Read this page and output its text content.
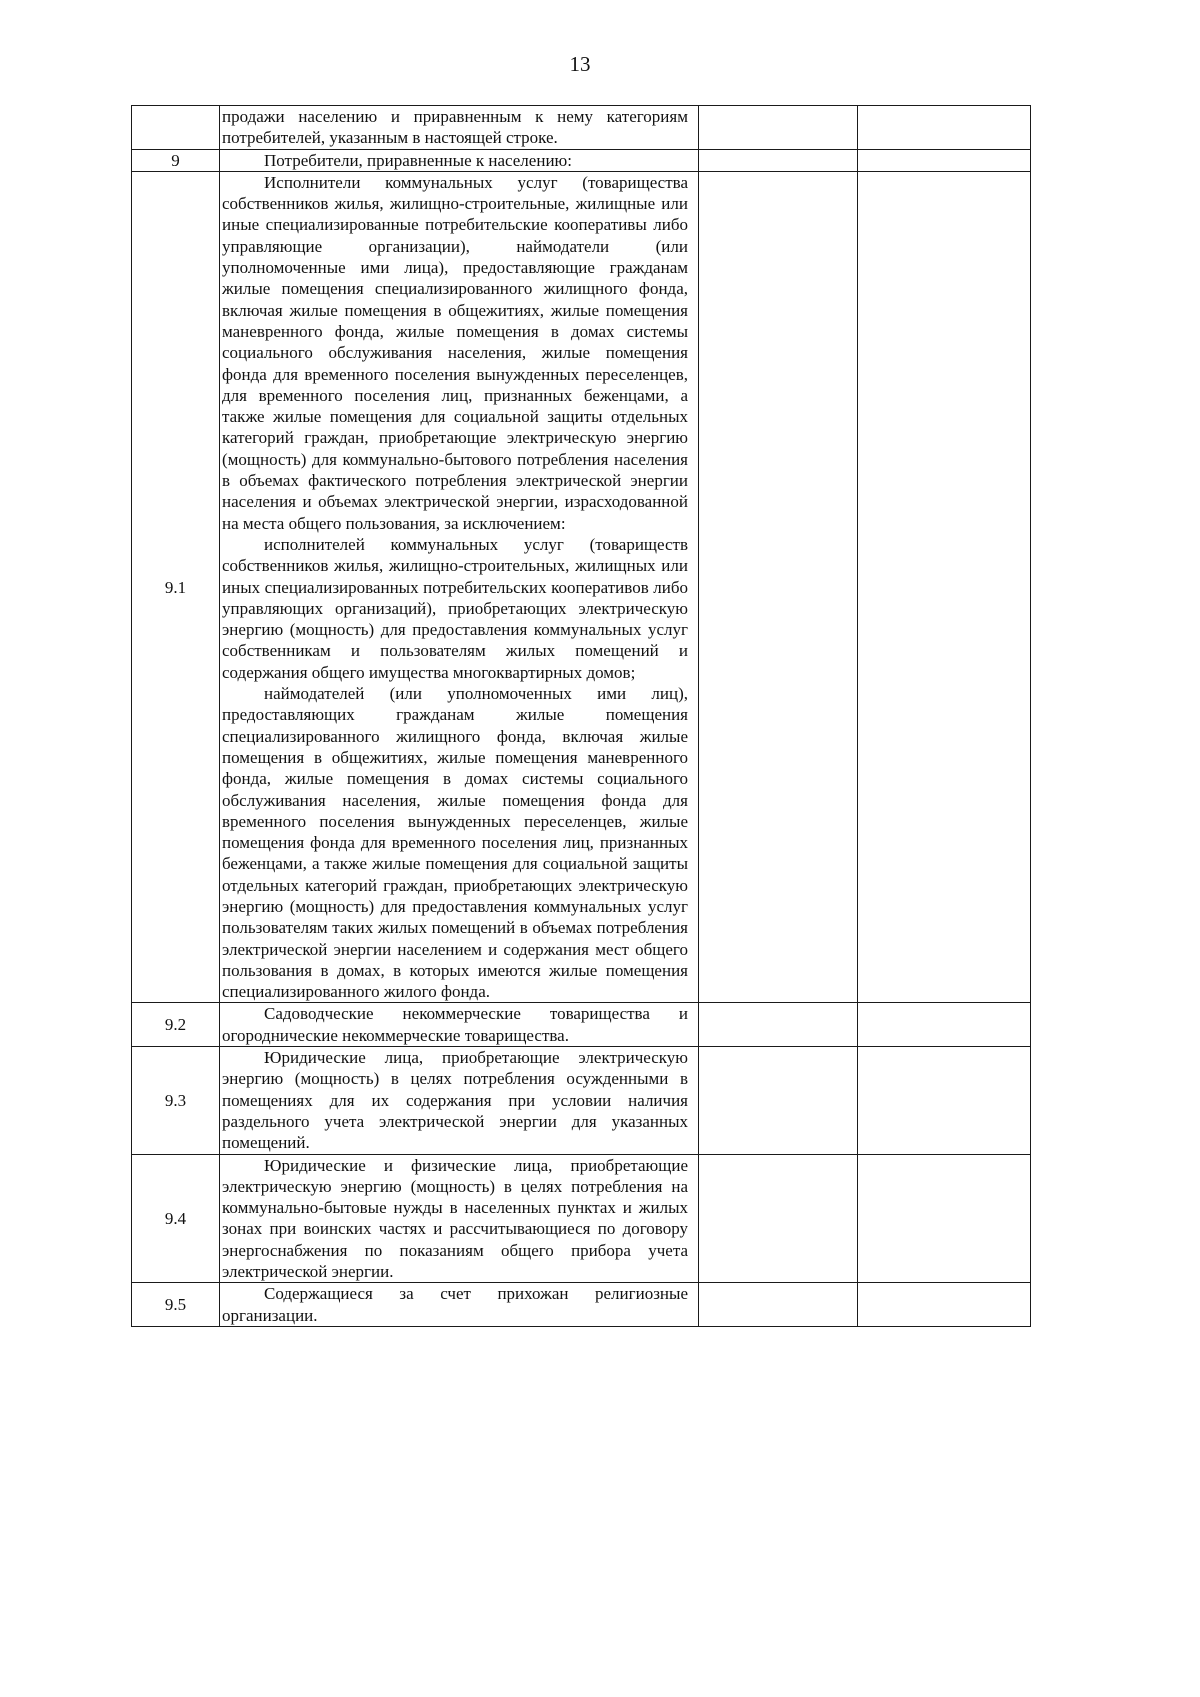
13

	продажи населению и приравненным к нему категориям потребителей, указанным в настоящей строке.		

9	Потребители, приравненные к населению:		

9.1	Исполнители коммунальных услуг (товарищества собственников жилья, жилищно-строительные, жилищные или иные специализированные потребительские кооперативы либо управляющие организации), наймодатели (или уполномоченные ими лица), предоставляющие гражданам жилые помещения специализированного жилищного фонда, включая жилые помещения в общежитиях, жилые помещения маневренного фонда, жилые помещения в домах системы социального обслуживания населения, жилые помещения фонда для временного поселения вынужденных переселенцев, для временного поселения лиц, признанных беженцами, а также жилые помещения для социальной защиты отдельных категорий граждан, приобретающие электрическую энергию (мощность) для коммунально-бытового потребления населения в объемах фактического потребления электрической энергии населения и объемах электрической энергии, израсходованной на места общего пользования, за исключением:

исполнителей коммунальных услуг (товариществ собственников жилья, жилищно-строительных, жилищных или иных специализированных потребительских кооперативов либо управляющих организаций), приобретающих электрическую энергию (мощность) для предоставления коммунальных услуг собственникам и пользователям жилых помещений и содержания общего имущества многоквартирных домов;

наймодателей (или уполномоченных ими лиц), предоставляющих гражданам жилые помещения специализированного жилищного фонда, включая жилые помещения в общежитиях, жилые помещения маневренного фонда, жилые помещения в домах системы социального обслуживания населения, жилые помещения фонда для временного поселения вынужденных переселенцев, жилые помещения фонда для временного поселения лиц, признанных беженцами, а также жилые помещения для социальной защиты отдельных категорий граждан, приобретающих электрическую энергию (мощность) для предоставления коммунальных услуг пользователям таких жилых помещений в объемах потребления электрической энергии населением и содержания мест общего пользования в домах, в которых имеются жилые помещения специализированного жилого фонда.		

9.2	Садоводческие некоммерческие товарищества и огороднические некоммерческие товарищества.		

9.3	Юридические лица, приобретающие электрическую энергию (мощность) в целях потребления осужденными в помещениях для их содержания при условии наличия раздельного учета электрической энергии для указанных помещений.		

9.4	Юридические и физические лица, приобретающие электрическую энергию (мощность) в целях потребления на коммунально-бытовые нужды в населенных пунктах и жилых зонах при воинских частях и рассчитывающиеся по договору энергоснабжения по показаниям общего прибора учета электрической энергии.		

9.5	Содержащиеся за счет прихожан религиозные организации.		
